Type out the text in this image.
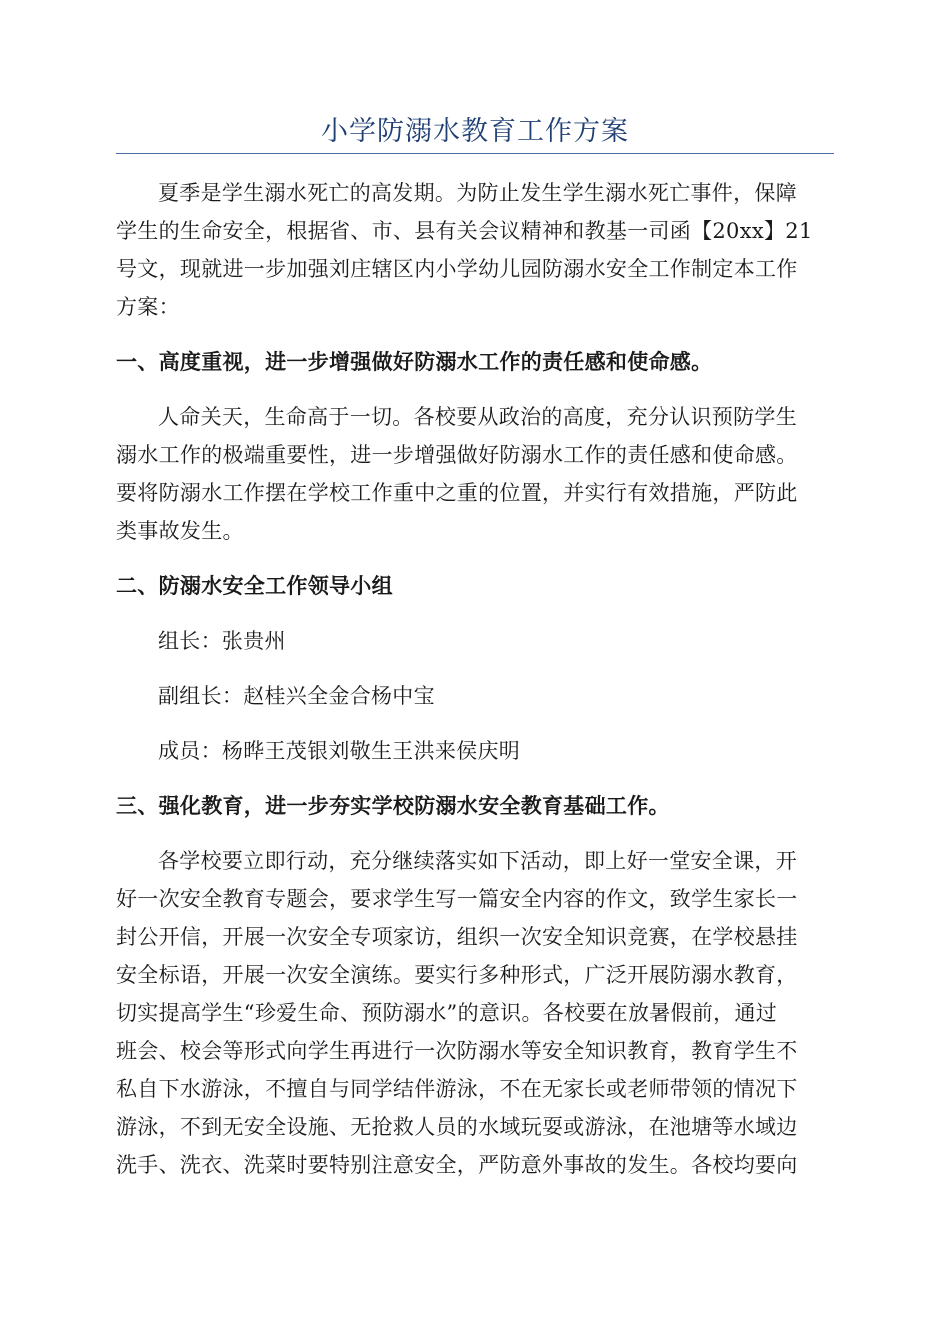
小学防溺水教育工作方案

夏季是学生溺水死亡的高发期。为防止发生学生溺水死亡事件，保障
学生的生命安全，根据省、市、县有关会议精神和教基一司函【20xx】21
号文，现就进一步加强刘庄辖区内小学幼儿园防溺水安全工作制定本工作
方案：

一、高度重视，进一步增强做好防溺水工作的责任感和使命感。

人命关天，生命高于一切。各校要从政治的高度，充分认识预防学生
溺水工作的极端重要性，进一步增强做好防溺水工作的责任感和使命感。
要将防溺水工作摆在学校工作重中之重的位置，并实行有效措施，严防此
类事故发生。

二、防溺水安全工作领导小组

组长：张贵州

副组长：赵桂兴全金合杨中宝

成员：杨晔王茂银刘敬生王洪来侯庆明

三、强化教育，进一步夯实学校防溺水安全教育基础工作。

各学校要立即行动，充分继续落实如下活动，即上好一堂安全课，开
好一次安全教育专题会，要求学生写一篇安全内容的作文，致学生家长一
封公开信，开展一次安全专项家访，组织一次安全知识竞赛，在学校悬挂
安全标语，开展一次安全演练。要实行多种形式，广泛开展防溺水教育，
切实提高学生“珍爱生命、预防溺水”的意识。各校要在放暑假前，通过
班会、校会等形式向学生再进行一次防溺水等安全知识教育，教育学生不
私自下水游泳，不擅自与同学结伴游泳，不在无家长或老师带领的情况下
游泳，不到无安全设施、无抢救人员的水域玩耍或游泳，在池塘等水域边
洗手、洗衣、洗菜时要特别注意安全，严防意外事故的发生。各校均要向
